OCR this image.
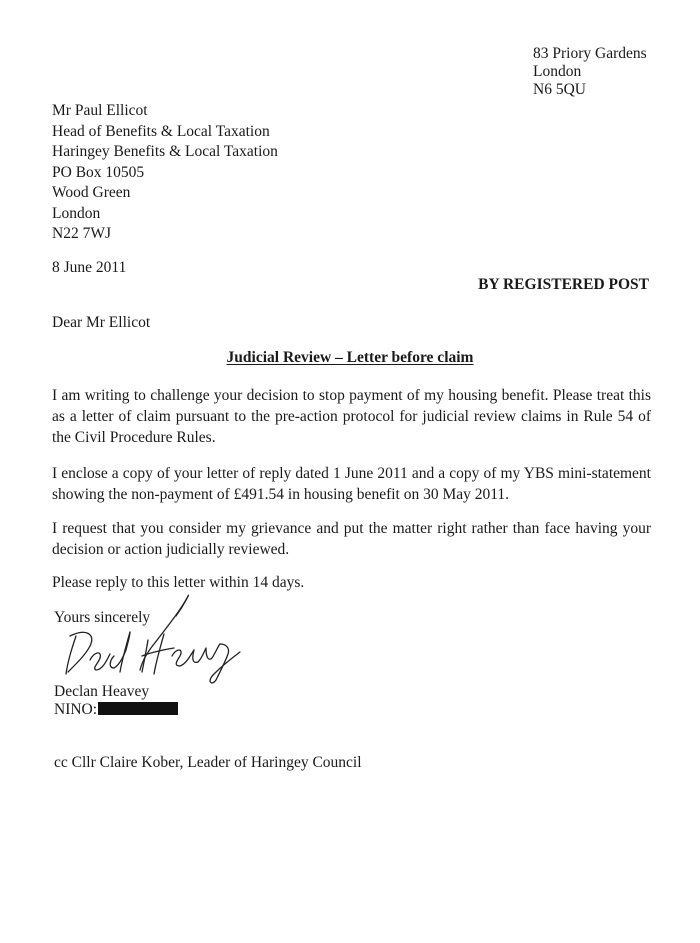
83 Priory Gardens
London
N6 5QU
Mr Paul Ellicot
Head of Benefits & Local Taxation
Haringey Benefits & Local Taxation
PO Box 10505
Wood Green
London
N22 7WJ
8 June 2011
BY REGISTERED POST
Dear Mr Ellicot
Judicial Review – Letter before claim

I am writing to challenge your decision to stop payment of my housing benefit. Please treat this as a letter of claim pursuant to the pre-action protocol for judicial review claims in Rule 54 of the Civil Procedure Rules.

I enclose a copy of your letter of reply dated 1 June 2011 and a copy of my YBS mini-statement showing the non-payment of £491.54 in housing benefit on 30 May 2011.

I request that you consider my grievance and put the matter right rather than face having your decision or action judicially reviewed.

Please reply to this letter within 14 days.
Yours sincerely
Declan Heavey
NINO:
cc Cllr Claire Kober, Leader of Haringey Council
